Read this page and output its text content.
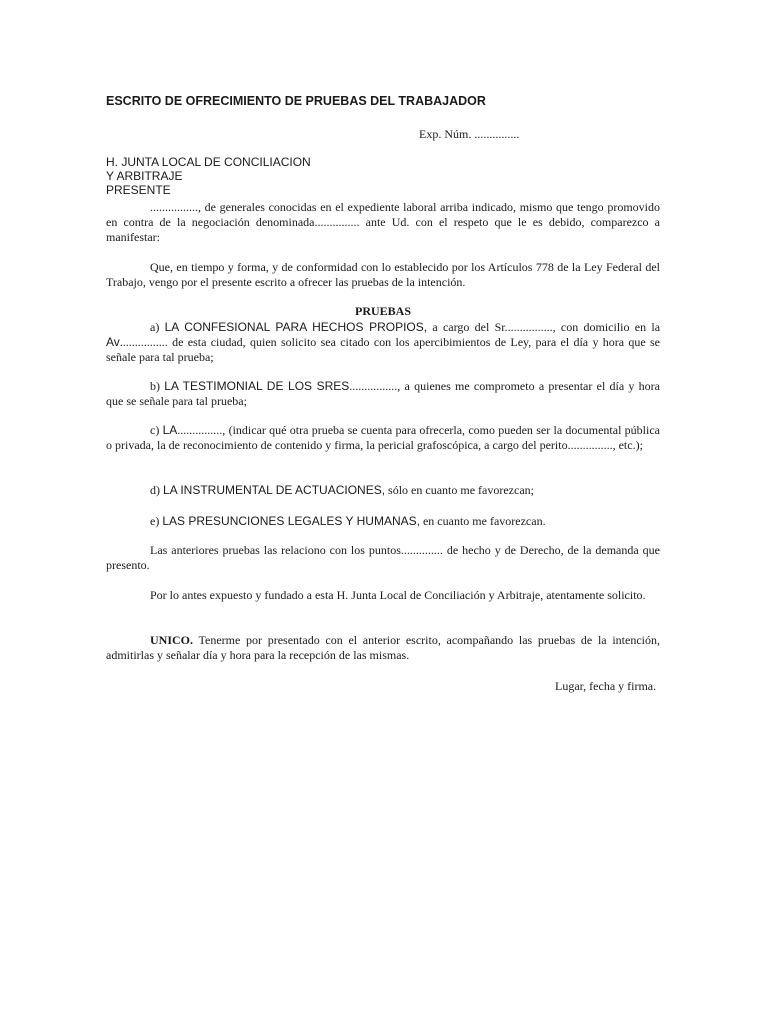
ESCRITO DE OFRECIMIENTO DE PRUEBAS DEL TRABAJADOR
Exp. Núm. ...............
H. JUNTA LOCAL DE CONCILIACION
Y ARBITRAJE
PRESENTE
................, de generales conocidas en el expediente laboral arriba indicado, mismo que tengo promovido en contra de la negociación denominada............... ante Ud. con el respeto que le es debido, comparezco a manifestar:
Que, en tiempo y forma, y de conformidad con lo establecido por los Artículos 778 de la Ley Federal del Trabajo, vengo por el presente escrito a ofrecer las pruebas de la intención.
PRUEBAS
a) LA CONFESIONAL PARA HECHOS PROPIOS, a cargo del Sr................, con domicilio en la Av................ de esta ciudad, quien solicito sea citado con los apercibimientos de Ley, para el día y hora que se señale para tal prueba;
b) LA TESTIMONIAL DE LOS SRES................, a quienes me comprometo a presentar el día y hora que se señale para tal prueba;
c) LA..............., (indicar qué otra prueba se cuenta para ofrecerla, como pueden ser la documental pública o privada, la de reconocimiento de contenido y firma, la pericial grafoscópica, a cargo del perito..............., etc.);
d) LA INSTRUMENTAL DE ACTUACIONES, sólo en cuanto me favorezcan;
e) LAS PRESUNCIONES LEGALES Y HUMANAS, en cuanto me favorezcan.
Las anteriores pruebas las relaciono con los puntos.............. de hecho y de Derecho, de la demanda que presento.
Por lo antes expuesto y fundado a esta H. Junta Local de Conciliación y Arbitraje, atentamente solicito.
UNICO. Tenerme por presentado con el anterior escrito, acompañando las pruebas de la intención, admitirlas y señalar día y hora para la recepción de las mismas.
Lugar, fecha y firma.
